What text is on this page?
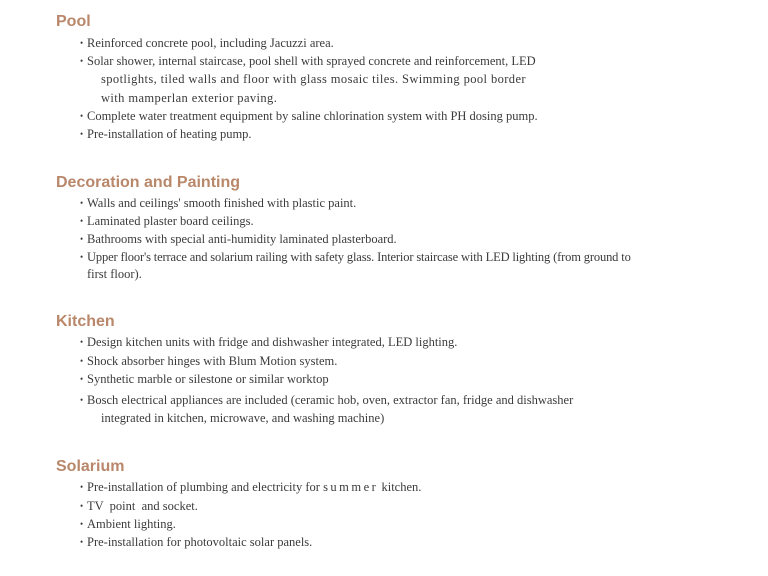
Pool
• Reinforced concrete pool, including Jacuzzi area.
• Solar shower, internal staircase, pool shell with sprayed concrete and reinforcement, LED
spotlights, tiled walls and floor with glass mosaic tiles. Swimming pool border
with mamperlan exterior paving.
• Complete water treatment equipment by saline chlorination system with PH dosing pump.
• Pre-installation of heating pump.
Decoration and Painting
• Walls and ceilings' smooth finished with plastic paint.
• Laminated plaster board ceilings.
• Bathrooms with special anti-humidity laminated plasterboard.
• Upper floor's terrace and solarium railing with safety glass. Interior staircase with LED lighting (from ground to
first floor).
Kitchen
• Design kitchen units with fridge and dishwasher integrated, LED lighting.
• Shock absorber hinges with Blum Motion system.
• Synthetic marble or silestone or similar worktop
• Bosch electrical appliances are included (ceramic hob, oven, extractor fan, fridge and dishwasher
integrated in kitchen, microwave, and washing machine)
Solarium
• Pre-installation of plumbing and electricity for summer kitchen.
• TV  point  and socket.
• Ambient lighting.
• Pre-installation for photovoltaic solar panels.
